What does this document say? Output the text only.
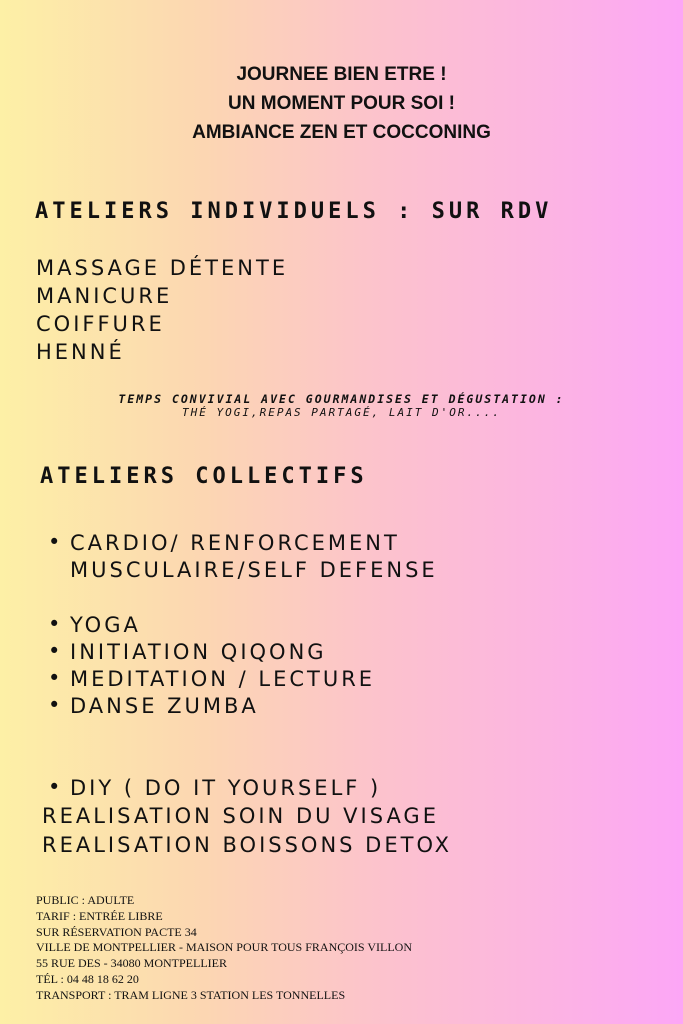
JOURNEE BIEN ETRE !
UN MOMENT POUR SOI !
AMBIANCE ZEN ET COCCONING
ATELIERS INDIVIDUELS : SUR RDV
MASSAGE DÉTENTE
MANICURE
COIFFURE
HENNÉ
TEMPS CONVIVIAL AVEC GOURMANDISES ET DÉGUSTATION :
THÉ YOGI,REPAS PARTAGÉ, LAIT D'OR....
ATELIERS COLLECTIFS
• CARDIO/ RENFORCEMENT
MUSCULAIRE/SELF DEFENSE
• YOGA
• INITIATION QIQONG
• MEDITATION / LECTURE
• DANSE ZUMBA
• DIY ( DO IT YOURSELF )
REALISATION SOIN DU VISAGE
REALISATION BOISSONS DETOX
PUBLIC : ADULTE
TARIF : ENTRÉE LIBRE
SUR RÉSERVATION PACTE 34
VILLE DE MONTPELLIER - MAISON POUR TOUS FRANÇOIS VILLON
55 RUE DES - 34080 MONTPELLIER
TÉL : 04 48 18 62 20
TRANSPORT : TRAM LIGNE 3 STATION LES TONNELLES
